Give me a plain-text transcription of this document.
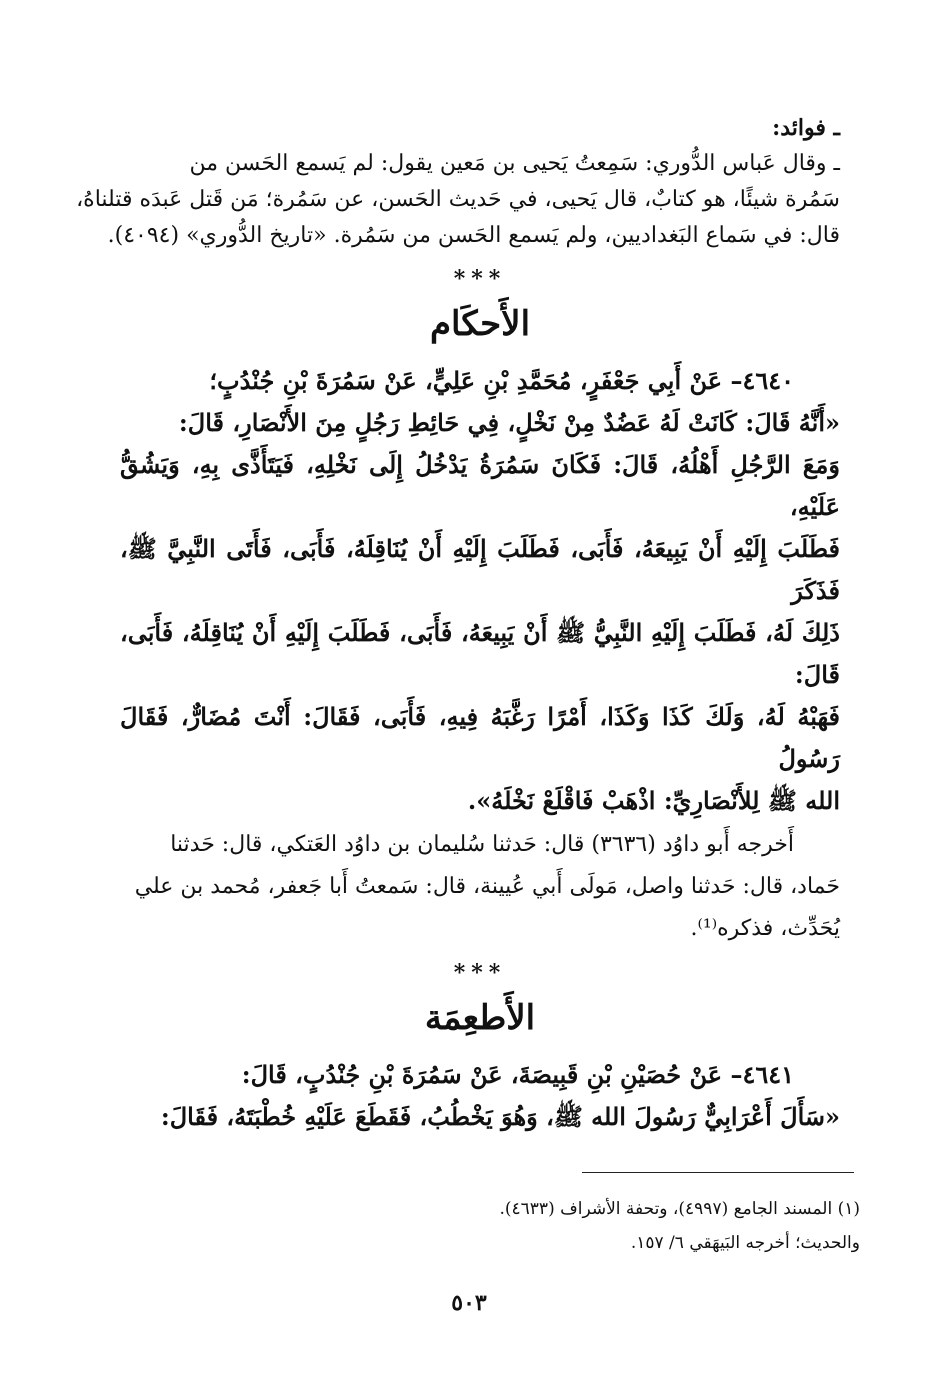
ـ فوائد:
ـ وقال عَباس الدُّوري: سَمِعتُ يَحيى بن مَعين يقول: لم يَسمع الحَسن من
سَمُرة شيئًا، هو كتابٌ، قال يَحيى، في حَديث الحَسن، عن سَمُرة؛ مَن قَتل عَبدَه قتلناهُ،
قال: في سَماع البَغداديين، ولم يَسمع الحَسن من سَمُرة. «تاريخ الدُّوري» (٤٠٩٤).
***
الأَحكَام
٤٦٤٠– عَنْ أَبِي جَعْفَرٍ، مُحَمَّدِ بْنِ عَلِيٍّ، عَنْ سَمُرَةَ بْنِ جُنْدُبٍ؛
«أَنَّهُ قَالَ: كَانَتْ لَهُ عَضُدٌ مِنْ نَخْلٍ، فِي حَائِطِ رَجُلٍ مِنَ الأَنْصَارِ، قَالَ:
وَمَعَ الرَّجُلِ أَهْلُهُ، قَالَ: فَكَانَ سَمُرَةُ يَدْخُلُ إِلَى نَخْلِهِ، فَيَتَأَذَّى بِهِ، وَيَشُقُّ عَلَيْهِ،
فَطَلَبَ إِلَيْهِ أَنْ يَبِيعَهُ، فَأَبَى، فَطَلَبَ إِلَيْهِ أَنْ يُنَاقِلَهُ، فَأَبَى، فَأَتَى النَّبِيَّ ﷺ، فَذَكَرَ
ذَلِكَ لَهُ، فَطَلَبَ إِلَيْهِ النَّبِيُّ ﷺ أَنْ يَبِيعَهُ، فَأَبَى، فَطَلَبَ إِلَيْهِ أَنْ يُنَاقِلَهُ، فَأَبَى، قَالَ:
فَهَبْهُ لَهُ، وَلَكَ كَذَا وَكَذَا، أَمْرًا رَغَّبَهُ فِيهِ، فَأَبَى، فَقَالَ: أَنْتَ مُضَارٌّ، فَقَالَ رَسُولُ
الله ﷺ لِلأَنْصَارِيِّ: اذْهَبْ فَاقْلَعْ نَخْلَهُ».
أَخرجه أَبو داوُد (٣٦٣٦) قال: حَدثنا سُليمان بن داوُد العَتكي، قال: حَدثنا
حَماد، قال: حَدثنا واصل، مَولَى أَبي عُيينة، قال: سَمعتُ أَبا جَعفر، مُحمد بن علي
يُحَدِّث، فذكره⁽¹⁾.
***
الأَطعِمَة
٤٦٤١– عَنْ حُصَيْنِ بْنِ قَبِيصَةَ، عَنْ سَمُرَةَ بْنِ جُنْدُبٍ، قَالَ:
«سَأَلَ أَعْرَابِيٌّ رَسُولَ الله ﷺ، وَهُوَ يَخْطُبُ، فَقَطَعَ عَلَيْهِ خُطْبَتَهُ، فَقَالَ:
(١) المسند الجامع (٤٩٩٧)، وتحفة الأشراف (٤٦٣٣).
والحديث؛ أخرجه البَيهَقي ٦/ ١٥٧.
٥٠٣
